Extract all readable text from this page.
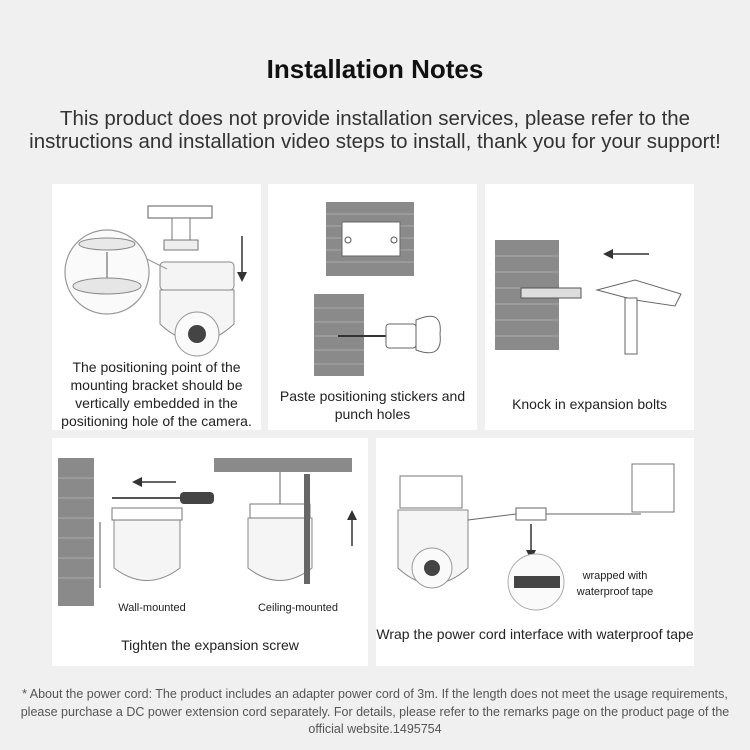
Installation Notes
This product does not provide installation services, please refer to the instructions and installation video steps to install, thank you for your support!
The positioning point of the mounting bracket should be vertically embedded in the positioning hole of the camera.
Paste positioning stickers and punch holes
Knock in expansion bolts
Wall-mounted	Ceiling-mounted
Tighten the expansion screw
wrapped with waterproof tape
Wrap the power cord interface with waterproof tape
* About the power cord: The product includes an adapter power cord of 3m. If the length does not meet the usage requirements, please purchase a DC power extension cord separately. For details, please refer to the remarks page on the product page of the official website.1495754
